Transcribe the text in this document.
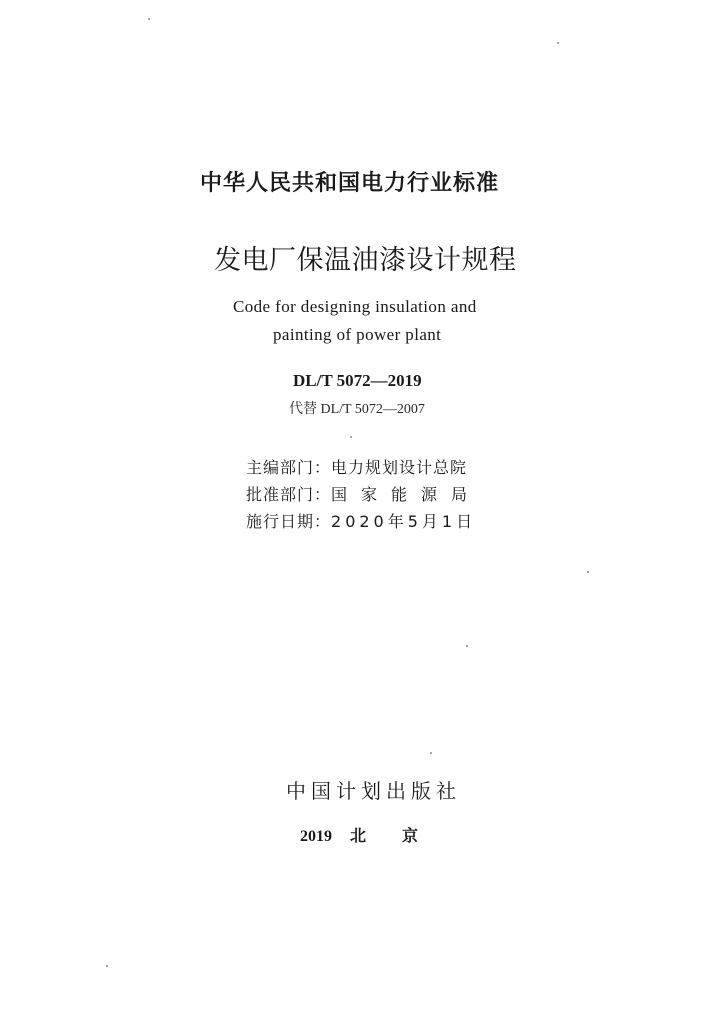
中华人民共和国电力行业标准
发电厂保温油漆设计规程
Code for designing insulation and
painting of power plant
DL/T 5072—2019
代替 DL/T 5072—2007
主编部门：电力规划设计总院
批准部门：国家能源局
施行日期：2020年5月1日
中国计划出版社
2019 北京
